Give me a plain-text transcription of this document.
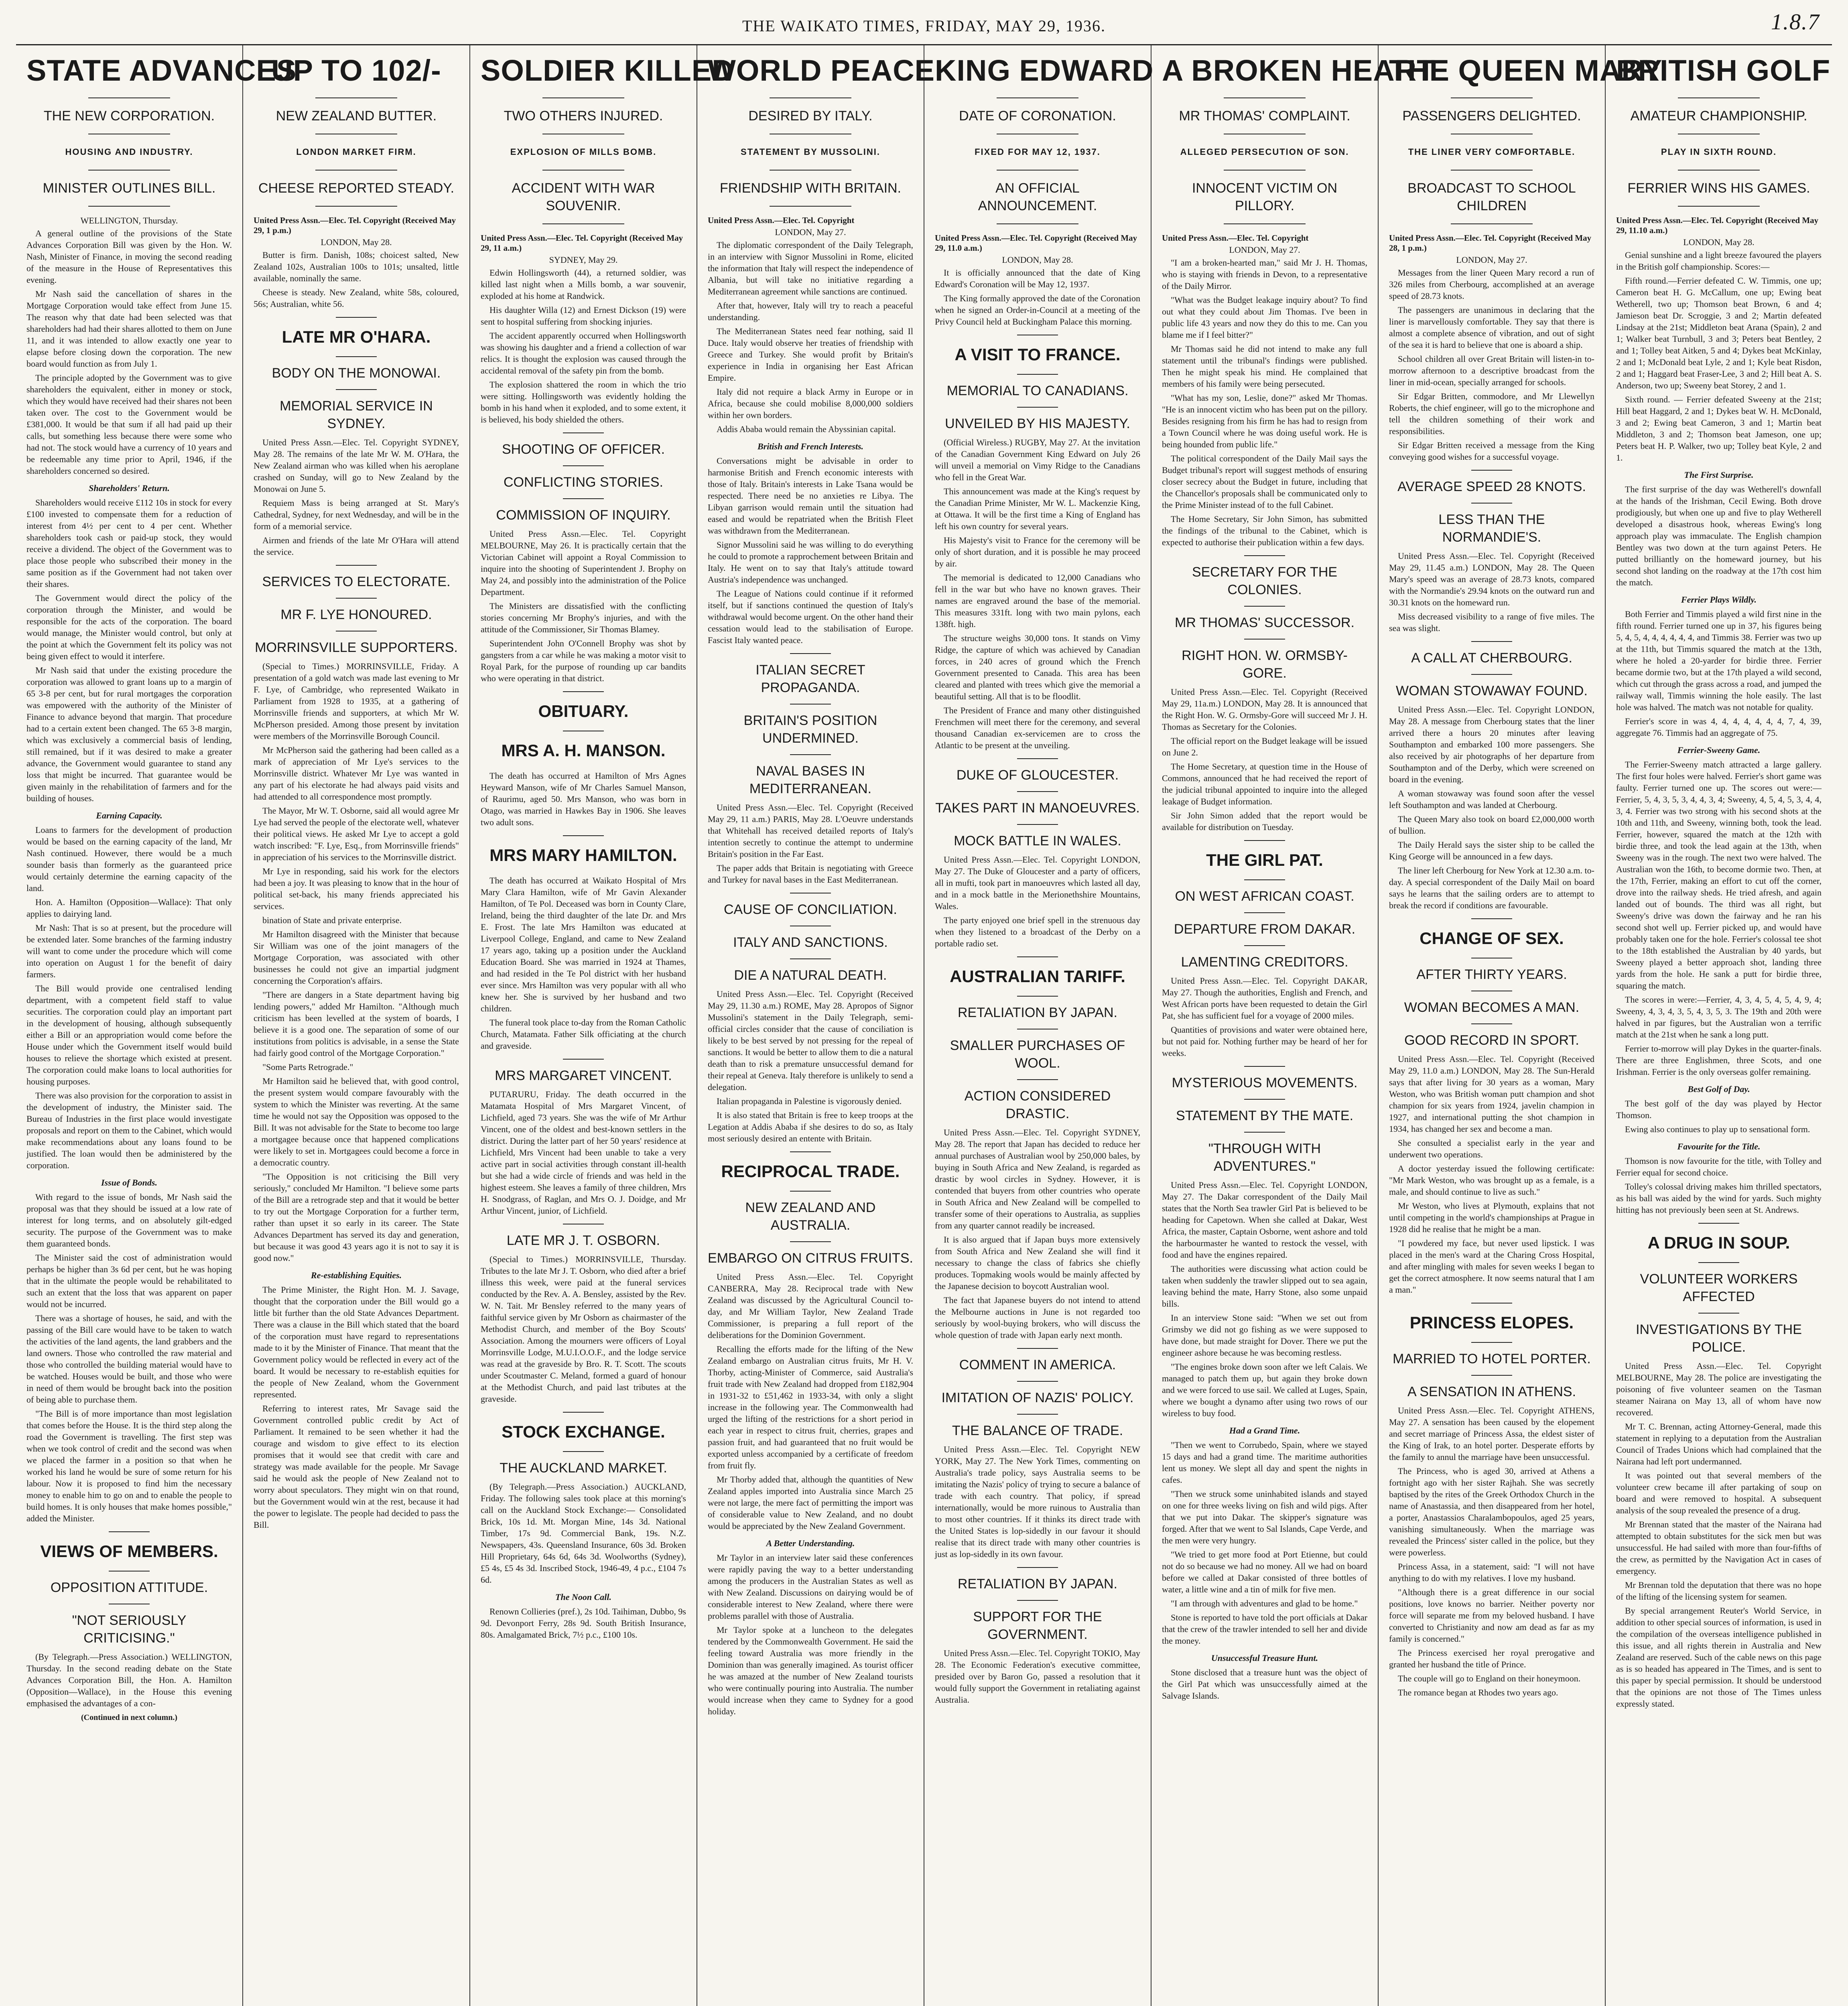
THE WAIKATO TIMES, FRIDAY, MAY 29, 1936.	1.8.7
STATE ADVANCES
THE NEW CORPORATION.
HOUSING AND INDUSTRY.
MINISTER OUTLINES BILL.
WELLINGTON, Thursday.
A general outline of the provisions of the State Advances Corporation Bill was given by the Hon. W. Nash, Minister of Finance, in moving the second reading of the measure in the House of Representatives this evening.
Mr Nash said the cancellation of shares in the Mortgage Corporation would take effect from June 15. The reason why that date had been selected was that shareholders had had their shares allotted to them on June 11, and it was intended to allow exactly one year to elapse before closing down the corporation. The new board would function as from July 1.
The principle adopted by the Government was to give shareholders the equivalent, either in money or stock, which they would have received had their shares not been taken over. The cost to the Government would be £381,000. It would be that sum if all had paid up their calls, but something less because there were some who had not. The stock would have a currency of 10 years and be redeemable any time prior to April, 1946, if the shareholders concerned so desired.
Shareholders' Return.
Shareholders would receive £112 10s in stock for every £100 invested to compensate them for a reduction of interest from 4½ per cent to 4 per cent. Whether shareholders took cash or paid-up stock, they would receive a dividend. The object of the Government was to place those people who subscribed their money in the same position as if the Government had not taken over their shares.
The Government would direct the policy of the corporation through the Minister, and would be responsible for the acts of the corporation. The board would manage, the Minister would control, but only at the point at which the Government felt its policy was not being given effect to would it interfere.
Mr Nash said that under the existing procedure the corporation was allowed to grant loans up to a margin of 65 3-8 per cent, but for rural mortgages the corporation was empowered with the authority of the Minister of Finance to advance beyond that margin. That procedure had to a certain extent been changed. The 65 3-8 margin, which was exclusively a commercial basis of lending, still remained, but if it was desired to make a greater advance, the Government would guarantee to stand any loss that might be incurred. That guarantee would be given mainly in the rehabilitation of farmers and for the building of houses.
Earning Capacity.
Loans to farmers for the development of production would be based on the earning capacity of the land, Mr Nash continued. However, there would be a much sounder basis than formerly as the guaranteed price would certainly determine the earning capacity of the land.
Hon. A. Hamilton (Opposition—Wallace): That only applies to dairying land.
Mr Nash: That is so at present, but the procedure will be extended later. Some branches of the farming industry will want to come under the procedure which will come into operation on August 1 for the benefit of dairy farmers.
The Bill would provide one centralised lending department, with a competent field staff to value securities. The corporation could play an important part in the development of housing, although subsequently either a Bill or an appropriation would come before the House under which the Government itself would build houses to relieve the shortage which existed at present. The corporation could make loans to local authorities for housing purposes.
There was also provision for the corporation to assist in the development of industry, the Minister said. The Bureau of Industries in the first place would investigate proposals and report on them to the Cabinet, which would make recommendations about any loans found to be justified. The loan would then be administered by the corporation.
Issue of Bonds.
With regard to the issue of bonds, Mr Nash said the proposal was that they should be issued at a low rate of interest for long terms, and on absolutely gilt-edged security. The purpose of the Government was to make them guaranteed bonds.
The Minister said the cost of administration would perhaps be higher than 3s 6d per cent, but he was hoping that in the ultimate the people would be rehabilitated to such an extent that the loss that was apparent on paper would not be incurred.
There was a shortage of houses, he said, and with the passing of the Bill care would have to be taken to watch the activities of the land agents, the land grabbers and the land owners. Those who controlled the raw material and those who controlled the building material would have to be watched. Houses would be built, and those who were in need of them would be brought back into the position of being able to purchase them.
"The Bill is of more importance than most legislation that comes before the House. It is the third step along the road the Government is travelling. The first step was when we took control of credit and the second was when we placed the farmer in a position so that when he worked his land he would be sure of some return for his labour. Now it is proposed to find him the necessary money to enable him to go on and to enable the people to build homes. It is only houses that make homes possible," added the Minister.
VIEWS OF MEMBERS.
OPPOSITION ATTITUDE.
"NOT SERIOUSLY CRITICISING."
(By Telegraph.—Press Association.) WELLINGTON, Thursday. In the second reading debate on the State Advances Corporation Bill, the Hon. A. Hamilton (Opposition—Wallace), in the House this evening emphasised the advantages of a con-
(Continued in next column.)
UP TO 102/-
NEW ZEALAND BUTTER.
LONDON MARKET FIRM.
CHEESE REPORTED STEADY.
United Press Assn.—Elec. Tel. Copyright (Received May 29, 1 p.m.)
LONDON, May 28.
Butter is firm. Danish, 108s; choicest salted, New Zealand 102s, Australian 100s to 101s; unsalted, little available, nominally the same.
Cheese is steady. New Zealand, white 58s, coloured, 56s; Australian, white 56.
LATE MR O'HARA.
BODY ON THE MONOWAI.
MEMORIAL SERVICE IN SYDNEY.
United Press Assn.—Elec. Tel. Copyright SYDNEY, May 28. The remains of the late Mr W. M. O'Hara, the New Zealand airman who was killed when his aeroplane crashed on Sunday, will go to New Zealand by the Monowai on June 5.
Requiem Mass is being arranged at St. Mary's Cathedral, Sydney, for next Wednesday, and will be in the form of a memorial service.
Airmen and friends of the late Mr O'Hara will attend the service.
SERVICES TO ELECTORATE.
MR F. LYE HONOURED.
MORRINSVILLE SUPPORTERS.
(Special to Times.) MORRINSVILLE, Friday. A presentation of a gold watch was made last evening to Mr F. Lye, of Cambridge, who represented Waikato in Parliament from 1928 to 1935, at a gathering of Morrinsville friends and supporters, at which Mr W. McPherson presided. Among those present by invitation were members of the Morrinsville Borough Council.
Mr McPherson said the gathering had been called as a mark of appreciation of Mr Lye's services to the Morrinsville district. Whatever Mr Lye was wanted in any part of his electorate he had always paid visits and had attended to all correspondence most promptly.
The Mayor, Mr W. T. Osborne, said all would agree Mr Lye had served the people of the electorate well, whatever their political views. He asked Mr Lye to accept a gold watch inscribed: "F. Lye, Esq., from Morrinsville friends" in appreciation of his services to the Morrinsville district.
Mr Lye in responding, said his work for the electors had been a joy. It was pleasing to know that in the hour of political set-back, his many friends appreciated his services.
bination of State and private enterprise.
Mr Hamilton disagreed with the Minister that because Sir William was one of the joint managers of the Mortgage Corporation, was associated with other businesses he could not give an impartial judgment concerning the Corporation's affairs.
"There are dangers in a State department having big lending powers," added Mr Hamilton. "Although much criticism has been levelled at the system of boards, I believe it is a good one. The separation of some of our institutions from politics is advisable, in a sense the State had fairly good control of the Mortgage Corporation."
"Some Parts Retrograde."
Mr Hamilton said he believed that, with good control, the present system would compare favourably with the system to which the Minister was reverting. At the same time he would not say the Opposition was opposed to the Bill. It was not advisable for the State to become too large a mortgagee because once that happened complications were likely to set in. Mortgagees could become a force in a democratic country.
"The Opposition is not criticising the Bill very seriously," concluded Mr Hamilton. "I believe some parts of the Bill are a retrograde step and that it would be better to try out the Mortgage Corporation for a further term, rather than upset it so early in its career. The State Advances Department has served its day and generation, but because it was good 43 years ago it is not to say it is good now."
Re-establishing Equities.
The Prime Minister, the Right Hon. M. J. Savage, thought that the corporation under the Bill would go a little bit further than the old State Advances Department. There was a clause in the Bill which stated that the board of the corporation must have regard to representations made to it by the Minister of Finance. That meant that the Government policy would be reflected in every act of the board. It would be necessary to re-establish equities for the people of New Zealand, whom the Government represented.
Referring to interest rates, Mr Savage said the Government controlled public credit by Act of Parliament. It remained to be seen whether it had the courage and wisdom to give effect to its election promises that it would see that credit with care and strategy was made available for the people. Mr Savage said he would ask the people of New Zealand not to worry about speculators. They might win on that round, but the Government would win at the rest, because it had the power to legislate. The people had decided to pass the Bill.
SOLDIER KILLED
TWO OTHERS INJURED.
EXPLOSION OF MILLS BOMB.
ACCIDENT WITH WAR SOUVENIR.
United Press Assn.—Elec. Tel. Copyright (Received May 29, 11 a.m.)
SYDNEY, May 29.
Edwin Hollingsworth (44), a returned soldier, was killed last night when a Mills bomb, a war souvenir, exploded at his home at Randwick.
His daughter Willa (12) and Ernest Dickson (19) were sent to hospital suffering from shocking injuries.
The accident apparently occurred when Hollingsworth was showing his daughter and a friend a collection of war relics. It is thought the explosion was caused through the accidental removal of the safety pin from the bomb.
The explosion shattered the room in which the trio were sitting. Hollingsworth was evidently holding the bomb in his hand when it exploded, and to some extent, it is believed, his body shielded the others.
SHOOTING OF OFFICER.
CONFLICTING STORIES.
COMMISSION OF INQUIRY.
United Press Assn.—Elec. Tel. Copyright MELBOURNE, May 26. It is practically certain that the Victorian Cabinet will appoint a Royal Commission to inquire into the shooting of Superintendent J. Brophy on May 24, and possibly into the administration of the Police Department.
The Ministers are dissatisfied with the conflicting stories concerning Mr Brophy's injuries, and with the attitude of the Commissioner, Sir Thomas Blamey.
Superintendent John O'Connell Brophy was shot by gangsters from a car while he was making a motor visit to Royal Park, for the purpose of rounding up car bandits who were operating in that district.
OBITUARY.
MRS A. H. MANSON.
The death has occurred at Hamilton of Mrs Agnes Heyward Manson, wife of Mr Charles Samuel Manson, of Raurimu, aged 50. Mrs Manson, who was born in Otago, was married in Hawkes Bay in 1906. She leaves two adult sons.
MRS MARY HAMILTON.
The death has occurred at Waikato Hospital of Mrs Mary Clara Hamilton, wife of Mr Gavin Alexander Hamilton, of Te Pol. Deceased was born in County Clare, Ireland, being the third daughter of the late Dr. and Mrs E. Frost. The late Mrs Hamilton was educated at Liverpool College, England, and came to New Zealand 17 years ago, taking up a position under the Auckland Education Board. She was married in 1924 at Thames, and had resided in the Te Pol district with her husband ever since. Mrs Hamilton was very popular with all who knew her. She is survived by her husband and two children.
The funeral took place to-day from the Roman Catholic Church, Matamata. Father Silk officiating at the church and graveside.
MRS MARGARET VINCENT.
PUTARURU, Friday. The death occurred in the Matamata Hospital of Mrs Margaret Vincent, of Lichfield, aged 73 years. She was the wife of Mr Arthur Vincent, one of the oldest and best-known settlers in the district. During the latter part of her 50 years' residence at Lichfield, Mrs Vincent had been unable to take a very active part in social activities through constant ill-health but she had a wide circle of friends and was held in the highest esteem. She leaves a family of three children, Mrs H. Snodgrass, of Raglan, and Mrs O. J. Doidge, and Mr Arthur Vincent, junior, of Lichfield.
LATE MR J. T. OSBORN.
(Special to Times.) MORRINSVILLE, Thursday. Tributes to the late Mr J. T. Osborn, who died after a brief illness this week, were paid at the funeral services conducted by the Rev. A. A. Bensley, assisted by the Rev. W. N. Tait. Mr Bensley referred to the many years of faithful service given by Mr Osborn as chairmaster of the Methodist Church, and member of the Boy Scouts' Association. Among the mourners were officers of Loyal Morrinsville Lodge, M.U.I.O.O.F., and the lodge service was read at the graveside by Bro. R. T. Scott. The scouts under Scoutmaster C. Meland, formed a guard of honour at the Methodist Church, and paid last tributes at the graveside.
STOCK EXCHANGE.
THE AUCKLAND MARKET.
(By Telegraph.—Press Association.) AUCKLAND, Friday. The following sales took place at this morning's call on the Auckland Stock Exchange:— Consolidated Brick, 10s 1d. Mt. Morgan Mine, 14s 3d. National Timber, 17s 9d. Commercial Bank, 19s. N.Z. Newspapers, 43s. Queensland Insurance, 60s 3d. Broken Hill Proprietary, 64s 6d, 64s 3d. Woolworths (Sydney), £5 4s, £5 4s 3d. Inscribed Stock, 1946-49, 4 p.c., £104 7s 6d.
The Noon Call.
Renown Collieries (pref.), 2s 10d. Taihiman, Dubbo, 9s 9d. Devonport Ferry, 28s 9d. South British Insurance, 80s. Amalgamated Brick, 7½ p.c., £100 10s.
WORLD PEACE
DESIRED BY ITALY.
STATEMENT BY MUSSOLINI.
FRIENDSHIP WITH BRITAIN.
United Press Assn.—Elec. Tel. Copyright
LONDON, May 27.
The diplomatic correspondent of the Daily Telegraph, in an interview with Signor Mussolini in Rome, elicited the information that Italy will respect the independence of Albania, but will take no initiative regarding a Mediterranean agreement while sanctions are continued.
After that, however, Italy will try to reach a peaceful understanding.
The Mediterranean States need fear nothing, said Il Duce. Italy would observe her treaties of friendship with Greece and Turkey. She would profit by Britain's experience in India in organising her East African Empire.
Italy did not require a black Army in Europe or in Africa, because she could mobilise 8,000,000 soldiers within her own borders.
Addis Ababa would remain the Abyssinian capital.
British and French Interests.
Conversations might be advisable in order to harmonise British and French economic interests with those of Italy. Britain's interests in Lake Tsana would be respected. There need be no anxieties re Libya. The Libyan garrison would remain until the situation had eased and would be repatriated when the British Fleet was withdrawn from the Mediterranean.
Signor Mussolini said he was willing to do everything he could to promote a rapprochement between Britain and Italy. He went on to say that Italy's attitude toward Austria's independence was unchanged.
The League of Nations could continue if it reformed itself, but if sanctions continued the question of Italy's withdrawal would become urgent. On the other hand their cessation would lead to the stabilisation of Europe. Fascist Italy wanted peace.
ITALIAN SECRET PROPAGANDA.
BRITAIN'S POSITION UNDERMINED.
NAVAL BASES IN MEDITERRANEAN.
United Press Assn.—Elec. Tel. Copyright (Received May 29, 11 a.m.) PARIS, May 28. L'Oeuvre understands that Whitehall has received detailed reports of Italy's intention secretly to continue the attempt to undermine Britain's position in the Far East.
The paper adds that Britain is negotiating with Greece and Turkey for naval bases in the East Mediterranean.
CAUSE OF CONCILIATION.
ITALY AND SANCTIONS.
DIE A NATURAL DEATH.
United Press Assn.—Elec. Tel. Copyright (Received May 29, 11.30 a.m.) ROME, May 28. Apropos of Signor Mussolini's statement in the Daily Telegraph, semi-official circles consider that the cause of conciliation is likely to be best served by not pressing for the repeal of sanctions. It would be better to allow them to die a natural death than to risk a premature unsuccessful demand for their repeal at Geneva. Italy therefore is unlikely to send a delegation.
Italian propaganda in Palestine is vigorously denied.
It is also stated that Britain is free to keep troops at the Legation at Addis Ababa if she desires to do so, as Italy most seriously desired an entente with Britain.
RECIPROCAL TRADE.
NEW ZEALAND AND AUSTRALIA.
EMBARGO ON CITRUS FRUITS.
United Press Assn.—Elec. Tel. Copyright CANBERRA, May 28. Reciprocal trade with New Zealand was discussed by the Agricultural Council to-day, and Mr William Taylor, New Zealand Trade Commissioner, is preparing a full report of the deliberations for the Dominion Government.
Recalling the efforts made for the lifting of the New Zealand embargo on Australian citrus fruits, Mr H. V. Thorby, acting-Minister of Commerce, said Australia's fruit trade with New Zealand had dropped from £182,904 in 1931-32 to £51,462 in 1933-34, with only a slight increase in the following year. The Commonwealth had urged the lifting of the restrictions for a short period in each year in respect to citrus fruit, cherries, grapes and passion fruit, and had guaranteed that no fruit would be exported unless accompanied by a certificate of freedom from fruit fly.
Mr Thorby added that, although the quantities of New Zealand apples imported into Australia since March 25 were not large, the mere fact of permitting the import was of considerable value to New Zealand, and no doubt would be appreciated by the New Zealand Government.
A Better Understanding.
Mr Taylor in an interview later said these conferences were rapidly paving the way to a better understanding among the producers in the Australian States as well as with New Zealand. Discussions on dairying would be of considerable interest to New Zealand, where there were problems parallel with those of Australia.
Mr Taylor spoke at a luncheon to the delegates tendered by the Commonwealth Government. He said the feeling toward Australia was more friendly in the Dominion than was generally imagined. As tourist officer he was amazed at the number of New Zealand tourists who were continually pouring into Australia. The number would increase when they came to Sydney for a good holiday.
KING EDWARD
DATE OF CORONATION.
FIXED FOR MAY 12, 1937.
AN OFFICIAL ANNOUNCEMENT.
United Press Assn.—Elec. Tel. Copyright (Received May 29, 11.0 a.m.)
LONDON, May 28.
It is officially announced that the date of King Edward's Coronation will be May 12, 1937.
The King formally approved the date of the Coronation when he signed an Order-in-Council at a meeting of the Privy Council held at Buckingham Palace this morning.
A VISIT TO FRANCE.
MEMORIAL TO CANADIANS.
UNVEILED BY HIS MAJESTY.
(Official Wireless.) RUGBY, May 27. At the invitation of the Canadian Government King Edward on July 26 will unveil a memorial on Vimy Ridge to the Canadians who fell in the Great War.
This announcement was made at the King's request by the Canadian Prime Minister, Mr W. L. Mackenzie King, at Ottawa. It will be the first time a King of England has left his own country for several years.
His Majesty's visit to France for the ceremony will be only of short duration, and it is possible he may proceed by air.
The memorial is dedicated to 12,000 Canadians who fell in the war but who have no known graves. Their names are engraved around the base of the memorial. This measures 331ft. long with two main pylons, each 138ft. high.
The structure weighs 30,000 tons. It stands on Vimy Ridge, the capture of which was achieved by Canadian forces, in 240 acres of ground which the French Government presented to Canada. This area has been cleared and planted with trees which give the memorial a beautiful setting. All that is to be floodlit.
The President of France and many other distinguished Frenchmen will meet there for the ceremony, and several thousand Canadian ex-servicemen are to cross the Atlantic to be present at the unveiling.
DUKE OF GLOUCESTER.
TAKES PART IN MANOEUVRES.
MOCK BATTLE IN WALES.
United Press Assn.—Elec. Tel. Copyright LONDON, May 27. The Duke of Gloucester and a party of officers, all in mufti, took part in manoeuvres which lasted all day, and in a mock battle in the Merionethshire Mountains, Wales.
The party enjoyed one brief spell in the strenuous day when they listened to a broadcast of the Derby on a portable radio set.
AUSTRALIAN TARIFF.
RETALIATION BY JAPAN.
SMALLER PURCHASES OF WOOL.
ACTION CONSIDERED DRASTIC.
United Press Assn.—Elec. Tel. Copyright SYDNEY, May 28. The report that Japan has decided to reduce her annual purchases of Australian wool by 250,000 bales, by buying in South Africa and New Zealand, is regarded as drastic by wool circles in Sydney. However, it is contended that buyers from other countries who operate in South Africa and New Zealand will be compelled to transfer some of their operations to Australia, as supplies from any quarter cannot readily be increased.
It is also argued that if Japan buys more extensively from South Africa and New Zealand she will find it necessary to change the class of fabrics she chiefly produces. Topmaking wools would be mainly affected by the Japanese decision to boycott Australian wool.
The fact that Japanese buyers do not intend to attend the Melbourne auctions in June is not regarded too seriously by wool-buying brokers, who will discuss the whole question of trade with Japan early next month.
COMMENT IN AMERICA.
IMITATION OF NAZIS' POLICY.
THE BALANCE OF TRADE.
United Press Assn.—Elec. Tel. Copyright NEW YORK, May 27. The New York Times, commenting on Australia's trade policy, says Australia seems to be imitating the Nazis' policy of trying to secure a balance of trade with each country. That policy, if spread internationally, would be more ruinous to Australia than to most other countries. If it thinks its direct trade with the United States is lop-sidedly in our favour it should realise that its direct trade with many other countries is just as lop-sidedly in its own favour.
RETALIATION BY JAPAN.
SUPPORT FOR THE GOVERNMENT.
United Press Assn.—Elec. Tel. Copyright TOKIO, May 28. The Economic Federation's executive committee, presided over by Baron Go, passed a resolution that it would fully support the Government in retaliating against Australia.
A BROKEN HEART
MR THOMAS' COMPLAINT.
ALLEGED PERSECUTION OF SON.
INNOCENT VICTIM ON PILLORY.
United Press Assn.—Elec. Tel. Copyright
LONDON, May 27.
"I am a broken-hearted man," said Mr J. H. Thomas, who is staying with friends in Devon, to a representative of the Daily Mirror.
"What was the Budget leakage inquiry about? To find out what they could about Jim Thomas. I've been in public life 43 years and now they do this to me. Can you blame me if I feel bitter?"
Mr Thomas said he did not intend to make any full statement until the tribunal's findings were published. Then he might speak his mind. He complained that members of his family were being persecuted.
"What has my son, Leslie, done?" asked Mr Thomas. "He is an innocent victim who has been put on the pillory. Besides resigning from his firm he has had to resign from a Town Council where he was doing useful work. He is being hounded from public life."
The political correspondent of the Daily Mail says the Budget tribunal's report will suggest methods of ensuring closer secrecy about the Budget in future, including that the Chancellor's proposals shall be communicated only to the Prime Minister instead of to the full Cabinet.
The Home Secretary, Sir John Simon, has submitted the findings of the tribunal to the Cabinet, which is expected to authorise their publication within a few days.
SECRETARY FOR THE COLONIES.
MR THOMAS' SUCCESSOR.
RIGHT HON. W. ORMSBY-GORE.
United Press Assn.—Elec. Tel. Copyright (Received May 29, 11a.m.) LONDON, May 28. It is announced that the Right Hon. W. G. Ormsby-Gore will succeed Mr J. H. Thomas as Secretary for the Colonies.
The official report on the Budget leakage will be issued on June 2.
The Home Secretary, at question time in the House of Commons, announced that he had received the report of the judicial tribunal appointed to inquire into the alleged leakage of Budget information.
Sir John Simon added that the report would be available for distribution on Tuesday.
THE GIRL PAT.
ON WEST AFRICAN COAST.
DEPARTURE FROM DAKAR.
LAMENTING CREDITORS.
United Press Assn.—Elec. Tel. Copyright DAKAR, May 27. Though the authorities, English and French, and West African ports have been requested to detain the Girl Pat, she has sufficient fuel for a voyage of 2000 miles.
Quantities of provisions and water were obtained here, but not paid for. Nothing further may be heard of her for weeks.
MYSTERIOUS MOVEMENTS.
STATEMENT BY THE MATE.
"THROUGH WITH ADVENTURES."
United Press Assn.—Elec. Tel. Copyright LONDON, May 27. The Dakar correspondent of the Daily Mail states that the North Sea trawler Girl Pat is believed to be heading for Capetown. When she called at Dakar, West Africa, the master, Captain Osborne, went ashore and told the harbourmaster he wanted to restock the vessel, with food and have the engines repaired.
The authorities were discussing what action could be taken when suddenly the trawler slipped out to sea again, leaving behind the mate, Harry Stone, also some unpaid bills.
In an interview Stone said: "When we set out from Grimsby we did not go fishing as we were supposed to have done, but made straight for Dover. There we put the engineer ashore because he was becoming restless.
"The engines broke down soon after we left Calais. We managed to patch them up, but again they broke down and we were forced to use sail. We called at Luges, Spain, where we bought a dynamo after using two rows of our wireless to buy food.
Had a Grand Time.
"Then we went to Corrubedo, Spain, where we stayed 15 days and had a grand time. The maritime authorities lent us money. We slept all day and spent the nights in cafes.
"Then we struck some uninhabited islands and stayed on one for three weeks living on fish and wild pigs. After that we put into Dakar. The skipper's signature was forged. After that we went to Sal Islands, Cape Verde, and the men were very hungry.
"We tried to get more food at Port Etienne, but could not do so because we had no money. All we had on board before we called at Dakar consisted of three bottles of water, a little wine and a tin of milk for five men.
"I am through with adventures and glad to be home."
Stone is reported to have told the port officials at Dakar that the crew of the trawler intended to sell her and divide the money.
Unsuccessful Treasure Hunt.
Stone disclosed that a treasure hunt was the object of the Girl Pat which was unsuccessfully aimed at the Salvage Islands.
THE QUEEN MARY
PASSENGERS DELIGHTED.
THE LINER VERY COMFORTABLE.
BROADCAST TO SCHOOL CHILDREN
United Press Assn.—Elec. Tel. Copyright (Received May 28, 1 p.m.)
LONDON, May 27.
Messages from the liner Queen Mary record a run of 326 miles from Cherbourg, accomplished at an average speed of 28.73 knots.
The passengers are unanimous in declaring that the liner is marvellously comfortable. They say that there is almost a complete absence of vibration, and out of sight of the sea it is hard to believe that one is aboard a ship.
School children all over Great Britain will listen-in to-morrow afternoon to a descriptive broadcast from the liner in mid-ocean, specially arranged for schools.
Sir Edgar Britten, commodore, and Mr Llewellyn Roberts, the chief engineer, will go to the microphone and tell the children something of their work and responsibilities.
Sir Edgar Britten received a message from the King conveying good wishes for a successful voyage.
AVERAGE SPEED 28 KNOTS.
LESS THAN THE NORMANDIE'S.
United Press Assn.—Elec. Tel. Copyright (Received May 29, 11.45 a.m.) LONDON, May 28. The Queen Mary's speed was an average of 28.73 knots, compared with the Normandie's 29.94 knots on the outward run and 30.31 knots on the homeward run.
Miss decreased visibility to a range of five miles. The sea was slight.
A CALL AT CHERBOURG.
WOMAN STOWAWAY FOUND.
United Press Assn.—Elec. Tel. Copyright LONDON, May 28. A message from Cherbourg states that the liner arrived there a hours 20 minutes after leaving Southampton and embarked 100 more passengers. She also received by air photographs of her departure from Southampton and of the Derby, which were screened on board in the evening.
A woman stowaway was found soon after the vessel left Southampton and was landed at Cherbourg.
The Queen Mary also took on board £2,000,000 worth of bullion.
The Daily Herald says the sister ship to be called the King George will be announced in a few days.
The liner left Cherbourg for New York at 12.30 a.m. to-day. A special correspondent of the Daily Mail on board says he learns that the sailing orders are to attempt to break the record if conditions are favourable.
CHANGE OF SEX.
AFTER THIRTY YEARS.
WOMAN BECOMES A MAN.
GOOD RECORD IN SPORT.
United Press Assn.—Elec. Tel. Copyright (Received May 29, 11.0 a.m.) LONDON, May 28. The Sun-Herald says that after living for 30 years as a woman, Mary Weston, who was British woman putt champion and shot champion for six years from 1924, javelin champion in 1927, and international putting the shot champion in 1934, has changed her sex and become a man.
She consulted a specialist early in the year and underwent two operations.
A doctor yesterday issued the following certificate: "Mr Mark Weston, who was brought up as a female, is a male, and should continue to live as such."
Mr Weston, who lives at Plymouth, explains that not until competing in the world's championships at Prague in 1928 did he realise that he might be a man.
"I powdered my face, but never used lipstick. I was placed in the men's ward at the Charing Cross Hospital, and after mingling with males for seven weeks I began to get the correct atmosphere. It now seems natural that I am a man."
PRINCESS ELOPES.
MARRIED TO HOTEL PORTER.
A SENSATION IN ATHENS.
United Press Assn.—Elec. Tel. Copyright ATHENS, May 27. A sensation has been caused by the elopement and secret marriage of Princess Assa, the eldest sister of the King of Irak, to an hotel porter. Desperate efforts by the family to annul the marriage have been unsuccessful.
The Princess, who is aged 30, arrived at Athens a fortnight ago with her sister Rajhah. She was secretly baptised by the rites of the Greek Orthodox Church in the name of Anastassia, and then disappeared from her hotel, a porter, Anastassios Charalambopoulos, aged 25 years, vanishing simultaneously. When the marriage was revealed the Princess' sister called in the police, but they were powerless.
Princess Assa, in a statement, said: "I will not have anything to do with my relatives. I love my husband.
"Although there is a great difference in our social positions, love knows no barrier. Neither poverty nor force will separate me from my beloved husband. I have converted to Christianity and now am dead as far as my family is concerned."
The Princess exercised her royal prerogative and granted her husband the title of Prince.
The couple will go to England on their honeymoon.
The romance began at Rhodes two years ago.
BRITISH GOLF
AMATEUR CHAMPIONSHIP.
PLAY IN SIXTH ROUND.
FERRIER WINS HIS GAMES.
United Press Assn.—Elec. Tel. Copyright (Received May 29, 11.10 a.m.)
LONDON, May 28.
Genial sunshine and a light breeze favoured the players in the British golf championship. Scores:—
Fifth round.—Ferrier defeated C. W. Timmis, one up; Cameron beat H. G. McCallum, one up; Ewing beat Wetherell, two up; Thomson beat Brown, 6 and 4; Jamieson beat Dr. Scroggie, 3 and 2; Martin defeated Lindsay at the 21st; Middleton beat Arana (Spain), 2 and 1; Walker beat Turnbull, 3 and 3; Peters beat Bentley, 2 and 1; Tolley beat Aitken, 5 and 4; Dykes beat McKinlay, 2 and 1; McDonald beat Lyle, 2 and 1; Kyle beat Risdon, 2 and 1; Haggard beat Fraser-Lee, 3 and 2; Hill beat A. S. Anderson, two up; Sweeny beat Storey, 2 and 1.
Sixth round. — Ferrier defeated Sweeny at the 21st; Hill beat Haggard, 2 and 1; Dykes beat W. H. McDonald, 3 and 2; Ewing beat Cameron, 3 and 1; Martin beat Middleton, 3 and 2; Thomson beat Jameson, one up; Peters beat H. P. Walker, two up; Tolley beat Kyle, 2 and 1.
The First Surprise.
The first surprise of the day was Wetherell's downfall at the hands of the Irishman, Cecil Ewing. Both drove prodigiously, but when one up and five to play Wetherell developed a disastrous hook, whereas Ewing's long approach play was immaculate. The English champion Bentley was two down at the turn against Peters. He putted brilliantly on the homeward journey, but his second shot landing on the roadway at the 17th cost him the match.
Ferrier Plays Wildly.
Both Ferrier and Timmis played a wild first nine in the fifth round. Ferrier turned one up in 37, his figures being 5, 4, 5, 4, 4, 4, 4, 4, 4, and Timmis 38. Ferrier was two up at the 11th, but Timmis squared the match at the 13th, where he holed a 20-yarder for birdie three. Ferrier became dormie two, but at the 17th played a wild second, which cut through the grass across a road, and jumped the railway wall, Timmis winning the hole easily. The last hole was halved. The match was not notable for quality.
Ferrier's score in was 4, 4, 4, 4, 4, 4, 4, 7, 4, 39, aggregate 76. Timmis had an aggregate of 75.
Ferrier-Sweeny Game.
The Ferrier-Sweeny match attracted a large gallery. The first four holes were halved. Ferrier's short game was faulty. Ferrier turned one up. The scores out were:—Ferrier, 5, 4, 3, 5, 3, 4, 4, 3, 4; Sweeny, 4, 5, 4, 5, 3, 4, 4, 3, 4. Ferrier was two strong with his second shots at the 10th and 11th, and Sweeny, winning both, took the lead. Ferrier, however, squared the match at the 12th with birdie three, and took the lead again at the 13th, when Sweeny was in the rough. The next two were halved. The Australian won the 16th, to become dormie two. Then, at the 17th, Ferrier, making an effort to cut off the corner, drove into the railway sheds. He tried afresh, and again landed out of bounds. The third was all right, but Sweeny's drive was down the fairway and he ran his second shot well up. Ferrier picked up, and would have probably taken one for the hole. Ferrier's colossal tee shot to the 18th established the Australian by 40 yards, but Sweeny played a better approach shot, landing three yards from the hole. He sank a putt for birdie three, squaring the match.
The scores in were:—Ferrier, 4, 3, 4, 5, 4, 5, 4, 9, 4; Sweeny, 4, 3, 4, 3, 5, 4, 3, 5, 3. The 19th and 20th were halved in par figures, but the Australian won a terrific match at the 21st when he sank a long putt.
Ferrier to-morrow will play Dykes in the quarter-finals. There are three Englishmen, three Scots, and one Irishman. Ferrier is the only overseas golfer remaining.
Best Golf of Day.
The best golf of the day was played by Hector Thomson.
Ewing also continues to play up to sensational form.
Favourite for the Title.
Thomson is now favourite for the title, with Tolley and Ferrier equal for second choice.
Tolley's colossal driving makes him thrilled spectators, as his ball was aided by the wind for yards. Such mighty hitting has not previously been seen at St. Andrews.
A DRUG IN SOUP.
VOLUNTEER WORKERS AFFECTED
INVESTIGATIONS BY THE POLICE.
United Press Assn.—Elec. Tel. Copyright MELBOURNE, May 28. The police are investigating the poisoning of five volunteer seamen on the Tasman steamer Nairana on May 13, all of whom have now recovered.
Mr T. C. Brennan, acting Attorney-General, made this statement in replying to a deputation from the Australian Council of Trades Unions which had complained that the Nairana had left port undermanned.
It was pointed out that several members of the volunteer crew became ill after partaking of soup on board and were removed to hospital. A subsequent analysis of the soup revealed the presence of a drug.
Mr Brennan stated that the master of the Nairana had attempted to obtain substitutes for the sick men but was unsuccessful. He had sailed with more than four-fifths of the crew, as permitted by the Navigation Act in cases of emergency.
Mr Brennan told the deputation that there was no hope of the lifting of the licensing system for seamen.
By special arrangement Reuter's World Service, in addition to other special sources of information, is used in the compilation of the overseas intelligence published in this issue, and all rights therein in Australia and New Zealand are reserved. Such of the cable news on this page as is so headed has appeared in The Times, and is sent to this paper by special permission. It should be understood that the opinions are not those of The Times unless expressly stated.
